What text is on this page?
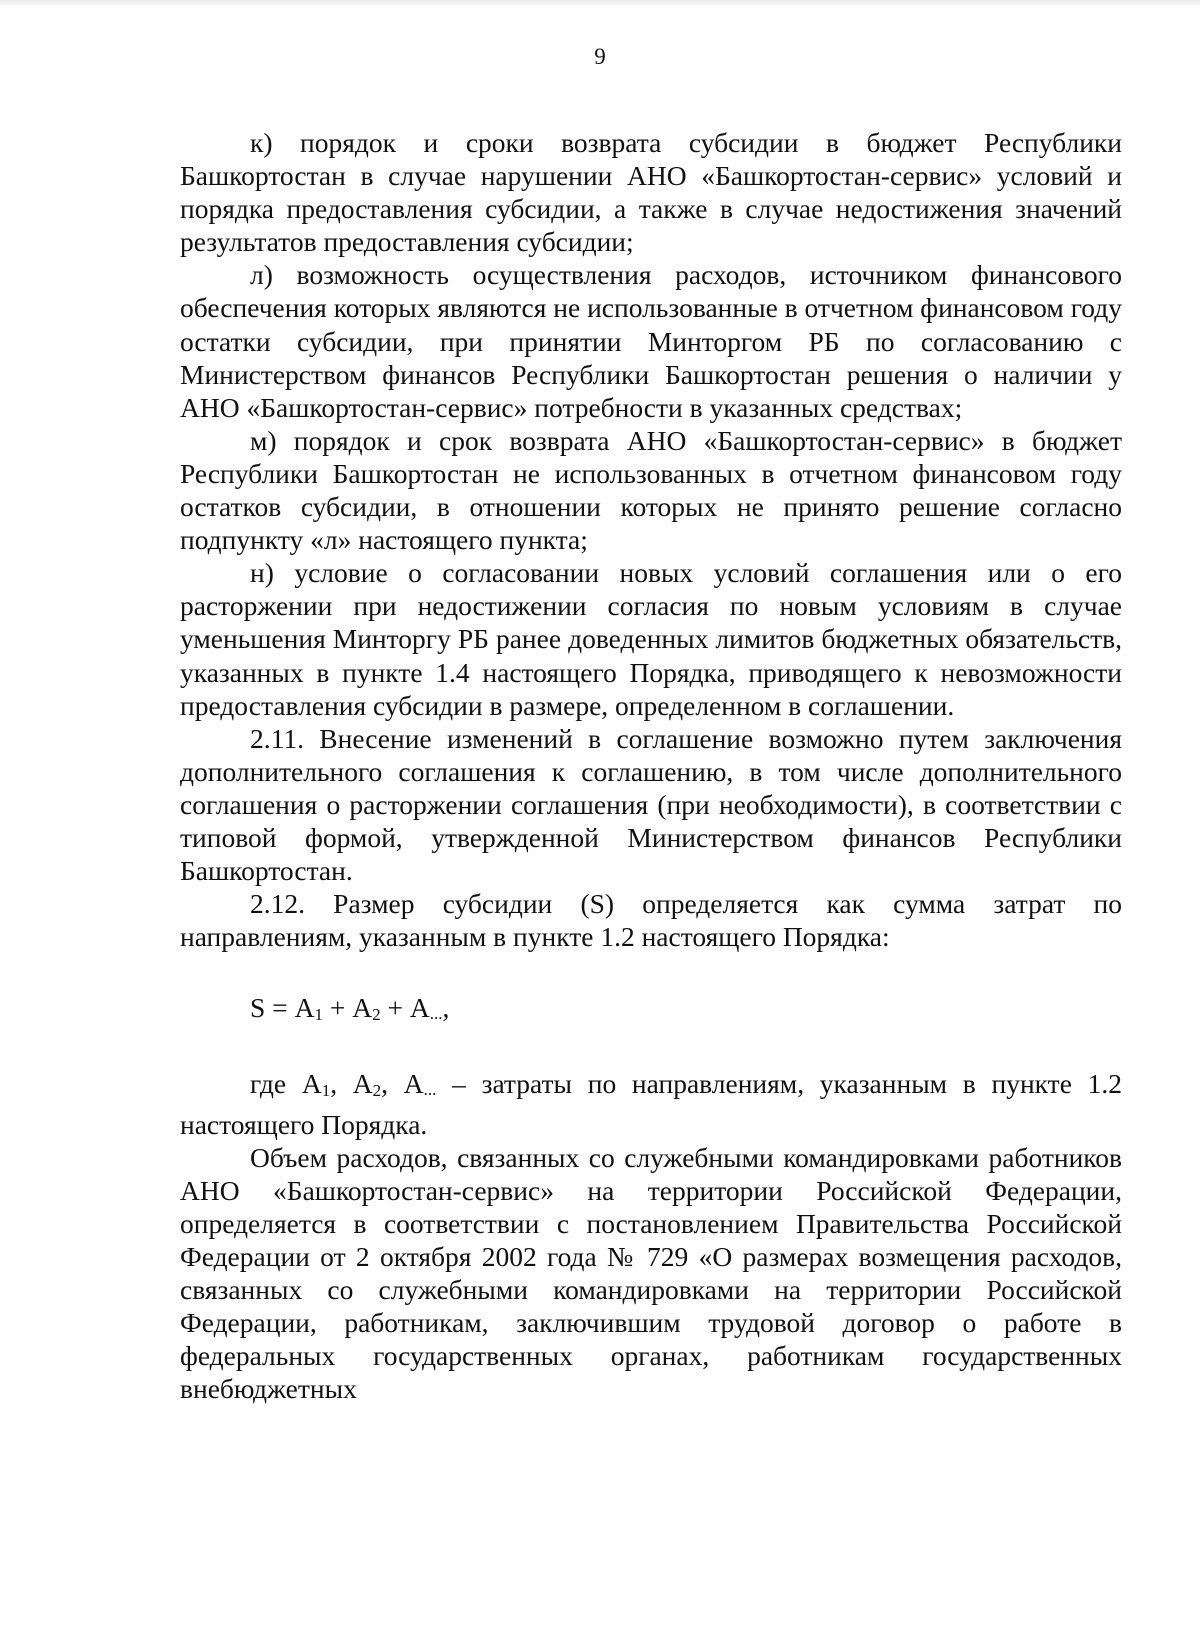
9

к) порядок и сроки возврата субсидии в бюджет Республики Башкортостан в случае нарушении АНО «Башкортостан-сервис» условий и порядка предоставления субсидии, а также в случае недостижения значений результатов предоставления субсидии;

л) возможность осуществления расходов, источником финансового обеспечения которых являются не использованные в отчетном финансовом году остатки субсидии, при принятии Минторгом РБ по согласованию с Министерством финансов Республики Башкортостан решения о наличии у АНО «Башкортостан-сервис» потребности в указанных средствах;

м) порядок и срок возврата АНО «Башкортостан-сервис» в бюджет Республики Башкортостан не использованных в отчетном финансовом году остатков субсидии, в отношении которых не принято решение согласно подпункту «л» настоящего пункта;

н) условие о согласовании новых условий соглашения или о его расторжении при недостижении согласия по новым условиям в случае уменьшения Минторгу РБ ранее доведенных лимитов бюджетных обязательств, указанных в пункте 1.4 настоящего Порядка, приводящего к невозможности предоставления субсидии в размере, определенном в соглашении.

2.11. Внесение изменений в соглашение возможно путем заключения дополнительного соглашения к соглашению, в том числе дополнительного соглашения о расторжении соглашения (при необходимости), в соответствии с типовой формой, утвержденной Министерством финансов Республики Башкортостан.

2.12. Размер субсидии (S) определяется как сумма затрат по направлениям, указанным в пункте 1.2 настоящего Порядка:

S = А1 + А2 + А...,

где А1, А2, А... – затраты по направлениям, указанным в пункте 1.2 настоящего Порядка.

Объем расходов, связанных со служебными командировками работников АНО «Башкортостан-сервис» на территории Российской Федерации, определяется в соответствии с постановлением Правительства Российской Федерации от 2 октября 2002 года № 729 «О размерах возмещения расходов, связанных со служебными командировками на территории Российской Федерации, работникам, заключившим трудовой договор о работе в федеральных государственных органах, работникам государственных внебюджетных
